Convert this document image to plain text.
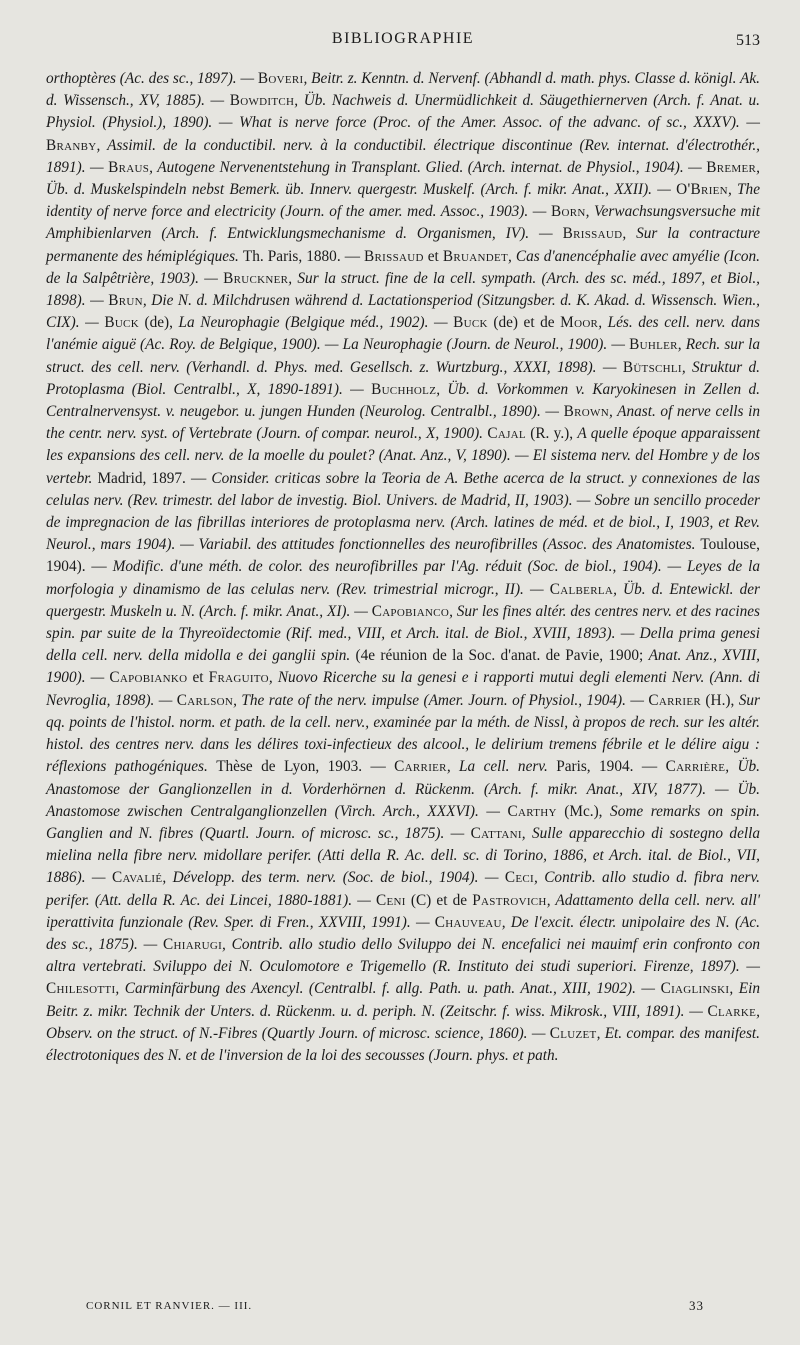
BIBLIOGRAPHIE	513

orthoptères (Ac. des sc., 1897). — Boveri, Beitr. z. Kenntn. d. Nervenf. (Abhandl d. math. phys. Classe d. königl. Ak. d. Wissensch., XV, 1885). — Bowditch, Üb. Nachweis d. Unermüdlichkeit d. Säugethiernerven (Arch. f. Anat. u. Physiol. (Physiol.), 1890). — What is nerve force (Proc. of the Amer. Assoc. of the advanc. of sc., XXXV). — Branby, Assimil. de la conductibil. nerv. à la conductibil. électrique discontinue (Rev. internat. d'électrothér., 1891). — Braus, Autogene Nervenentstehung in Transplant. Glied. (Arch. internat. de Physiol., 1904). — Bremer, Üb. d. Muskelspindeln nebst Bemerk. üb. Innerv. quergestr. Muskelf. (Arch. f. mikr. Anat., XXII). — O'Brien, The identity of nerve force and electricity (Journ. of the amer. med. Assoc., 1903). — Born, Verwachsungsversuche mit Amphibienlarven (Arch. f. Entwicklungsmechanisme d. Organismen, IV). — Brissaud, Sur la contracture permanente des hémiplégiques. Th. Paris, 1880. — Brissaud et Bruandet, Cas d'anencéphalie avec amyélie (Icon. de la Salpêtrière, 1903). — Bruckner, Sur la struct. fine de la cell. sympath. (Arch. des sc. méd., 1897, et Biol., 1898). — Brun, Die N. d. Milchdrusen während d. Lactationsperiod (Sitzungsber. d. K. Akad. d. Wissensch. Wien., CIX). — Buck (de), La Neurophagie (Belgique méd., 1902). — Buck (de) et de Moor, Lés. des cell. nerv. dans l'anémie aiguë (Ac. Roy. de Belgique, 1900). — La Neurophagie (Journ. de Neurol., 1900). — Buhler, Rech. sur la struct. des cell. nerv. (Verhandl. d. Phys. med. Gesellsch. z. Wurtzburg., XXXI, 1898). — Bütschli, Struktur d. Protoplasma (Biol. Centralbl., X, 1890-1891). — Buchholz, Üb. d. Vorkommen v. Karyokinesen in Zellen d. Centralnervensyst. v. neugebor. u. jungen Hunden (Neurolog. Centralbl., 1890). — Brown, Anast. of nerve cells in the centr. nerv. syst. of Vertebrate (Journ. of compar. neurol., X, 1900). Cajal (R. y.), A quelle époque apparaissent les expansions des cell. nerv. de la moelle du poulet? (Anat. Anz., V, 1890). — El sistema nerv. del Hombre y de los vertebr. Madrid, 1897. — Consider. criticas sobre la Teoria de A. Bethe acerca de la struct. y connexiones de las celulas nerv. (Rev. trimestr. del labor de investig. Biol. Univers. de Madrid, II, 1903). — Sobre un sencillo proceder de impregnacion de las fibrillas interiores de protoplasma nerv. (Arch. latines de méd. et de biol., I, 1903, et Rev. Neurol., mars 1904). — Variabil. des attitudes fonctionnelles des neurofibrilles (Assoc. des Anatomistes. Toulouse, 1904). — Modific. d'une méth. de color. des neurofibrilles par l'Ag. réduit (Soc. de biol., 1904). — Leyes de la morfologia y dinamismo de las celulas nerv. (Rev. trimestrial microgr., II). — Calberla, Üb. d. Entewickl. der quergestr. Muskeln u. N. (Arch. f. mikr. Anat., XI). — Capobianco, Sur les fines altér. des centres nerv. et des racines spin. par suite de la Thyreoïdectomie (Rif. med., VIII, et Arch. ital. de Biol., XVIII, 1893). — Della prima genesi della cell. nerv. della midolla e dei ganglii spin. (4e réunion de la Soc. d'anat. de Pavie, 1900; Anat. Anz., XVIII, 1900). — Capobianko et Fraguito, Nuovo Ricerche su la genesi e i rapporti mutui degli elementi Nerv. (Ann. di Nevroglia, 1898). — Carlson, The rate of the nerv. impulse (Amer. Journ. of Physiol., 1904). — Carrier (H.), Sur qq. points de l'histol. norm. et path. de la cell. nerv., examinée par la méth. de Nissl, à propos de rech. sur les altér. histol. des centres nerv. dans les délires toxi-infectieux des alcool., le delirium tremens fébrile et le délire aigu : réflexions pathogéniques. Thèse de Lyon, 1903. — Carrier, La cell. nerv. Paris, 1904. — Carrière, Üb. Anastomose der Ganglionzellen in d. Vorderhörnen d. Rückenm. (Arch. f. mikr. Anat., XIV, 1877). — Üb. Anastomose zwischen Centralganglionzellen (Virch. Arch., XXXVI). — Carthy (Mc.), Some remarks on spin. Ganglien and N. fibres (Quartl. Journ. of microsc. sc., 1875). — Cattani, Sulle apparecchio di sostegno della mielina nella fibre nerv. midollare perifer. (Atti della R. Ac. dell. sc. di Torino, 1886, et Arch. ital. de Biol., VII, 1886). — Cavalié, Développ. des term. nerv. (Soc. de biol., 1904). — Ceci, Contrib. allo studio d. fibra nerv. perifer. (Att. della R. Ac. dei Lincei, 1880-1881). — Ceni (C) et de Pastrovich, Adattamento della cell. nerv. all' iperattivita funzionale (Rev. Sper. di Fren., XXVIII, 1991). — Chauveau, De l'excit. électr. unipolaire des N. (Ac. des sc., 1875). — Chiarugi, Contrib. allo studio dello Sviluppo dei N. encefalici nei mauimf erin confronto con altra vertebrati. Sviluppo dei N. Oculomotore e Trigemello (R. Instituto dei studi superiori. Firenze, 1897). — Chilesotti, Carminfärbung des Axencyl. (Centralbl. f. allg. Path. u. path. Anat., XIII, 1902). — Ciaglinski, Ein Beitr. z. mikr. Technik der Unters. d. Rückenm. u. d. periph. N. (Zeitschr. f. wiss. Mikrosk., VIII, 1891). — Clarke, Observ. on the struct. of N.-Fibres (Quartly Journ. of microsc. science, 1860). — Cluzet, Et. compar. des manifest. électrotoniques des N. et de l'inversion de la loi des secousses (Journ. phys. et path.

CORNIL ET RANVIER. — III.	33
